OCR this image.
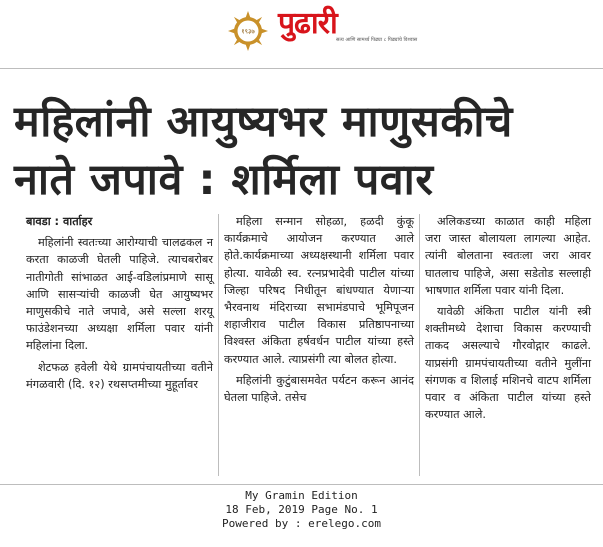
१९३७ पुढारी सत्य आणि सामर्थ्य पिढ्या ८ पिढ्यांचे विश्वास
महिलांनी आयुष्यभर माणुसकीचे
नाते जपावे : शर्मिला पवार

बावडा : वार्ताहर

महिलांनी स्वतःच्या आरोग्याची चालढकल न करता काळजी घेतली पाहिजे. त्याचबरोबर नातीगोती सांभाळत आई-वडिलांप्रमाणे सासू आणि सासऱ्यांची काळजी घेत आयुष्यभर माणुसकीचे नाते जपावे, असे सल्ला शरयू फाउंडेशनच्या अध्यक्षा शर्मिला पवार यांनी महिलांना दिला.

शेटफळ हवेली येथे ग्रामपंचायतीच्या वतीने मंगळवारी (दि. १२) रथसप्तमीच्या मुहूर्तावर

महिला सन्मान सोहळा, हळदी कुंकू कार्यक्रमाचे आयोजन करण्यात आले होते.कार्यक्रमाच्या अध्यक्षस्थानी शर्मिला पवार होत्या. यावेळी स्व. रत्नप्रभादेवी पाटील यांच्या जिल्हा परिषद निधीतून बांधण्यात येणाऱ्या भैरवनाथ मंदिराच्या सभामंडपाचे भूमिपूजन शहाजीराव पाटील विकास प्रतिष्ठापनाच्या विश्वस्त अंकिता हर्षवर्धन पाटील यांच्या हस्ते करण्यात आले. त्याप्रसंगी त्या बोलत होत्या.

महिलांनी कुटुंबासमवेत पर्यटन करून आनंद घेतला पाहिजे. तसेच

अलिकडच्या काळात काही महिला जरा जास्त बोलायला लागल्या आहेत. त्यांनी बोलताना स्वतःला जरा आवर घातलाच पाहिजे, असा सडेतोड सल्लाही भाषणात शर्मिला पवार यांनी दिला.

यावेळी अंकिता पाटील यांनी स्त्री शक्तीमध्ये देशाचा विकास करण्याची ताकद असल्याचे गौरवोद्गार काढले. याप्रसंगी ग्रामपंचायतीच्या वतीने मुलींना संगणक व शिलाई मशिनचे वाटप शर्मिला पवार व अंकिता पाटील यांच्या हस्ते करण्यात आले.

My Gramin Edition
18 Feb, 2019 Page No. 1
Powered by : erelego.com
